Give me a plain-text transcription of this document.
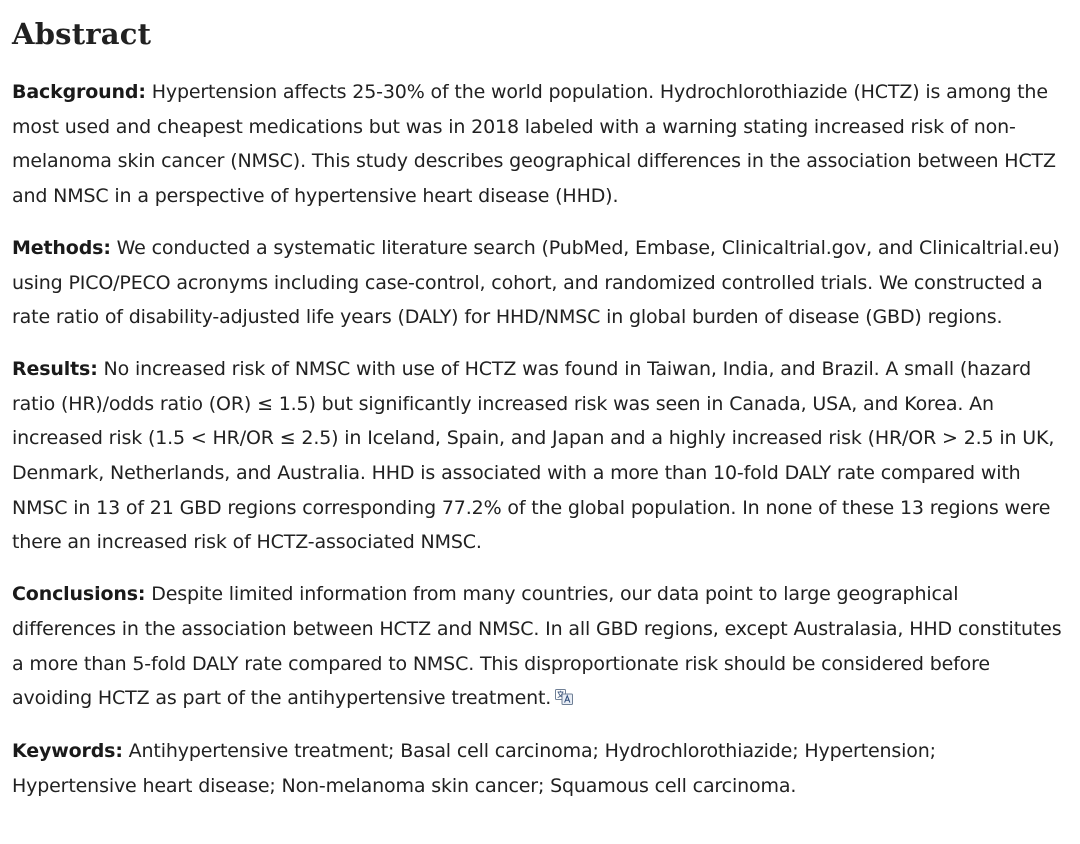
Abstract

Background: Hypertension affects 25-30% of the world population. Hydrochlorothiazide (HCTZ) is among the most used and cheapest medications but was in 2018 labeled with a warning stating increased risk of non-melanoma skin cancer (NMSC). This study describes geographical differences in the association between HCTZ and NMSC in a perspective of hypertensive heart disease (HHD).

Methods: We conducted a systematic literature search (PubMed, Embase, Clinicaltrial.gov, and Clinicaltrial.eu) using PICO/PECO acronyms including case-control, cohort, and randomized controlled trials. We constructed a rate ratio of disability-adjusted life years (DALY) for HHD/NMSC in global burden of disease (GBD) regions.

Results: No increased risk of NMSC with use of HCTZ was found in Taiwan, India, and Brazil. A small (hazard ratio (HR)/odds ratio (OR) ≤ 1.5) but significantly increased risk was seen in Canada, USA, and Korea. An increased risk (1.5 < HR/OR ≤ 2.5) in Iceland, Spain, and Japan and a highly increased risk (HR/OR > 2.5 in UK, Denmark, Netherlands, and Australia. HHD is associated with a more than 10-fold DALY rate compared with NMSC in 13 of 21 GBD regions corresponding 77.2% of the global population. In none of these 13 regions were there an increased risk of HCTZ-associated NMSC.

Conclusions: Despite limited information from many countries, our data point to large geographical differences in the association between HCTZ and NMSC. In all GBD regions, except Australasia, HHD constitutes a more than 5-fold DALY rate compared to NMSC. This disproportionate risk should be considered before avoiding HCTZ as part of the antihypertensive treatment.

Keywords: Antihypertensive treatment; Basal cell carcinoma; Hydrochlorothiazide; Hypertension; Hypertensive heart disease; Non-melanoma skin cancer; Squamous cell carcinoma.
